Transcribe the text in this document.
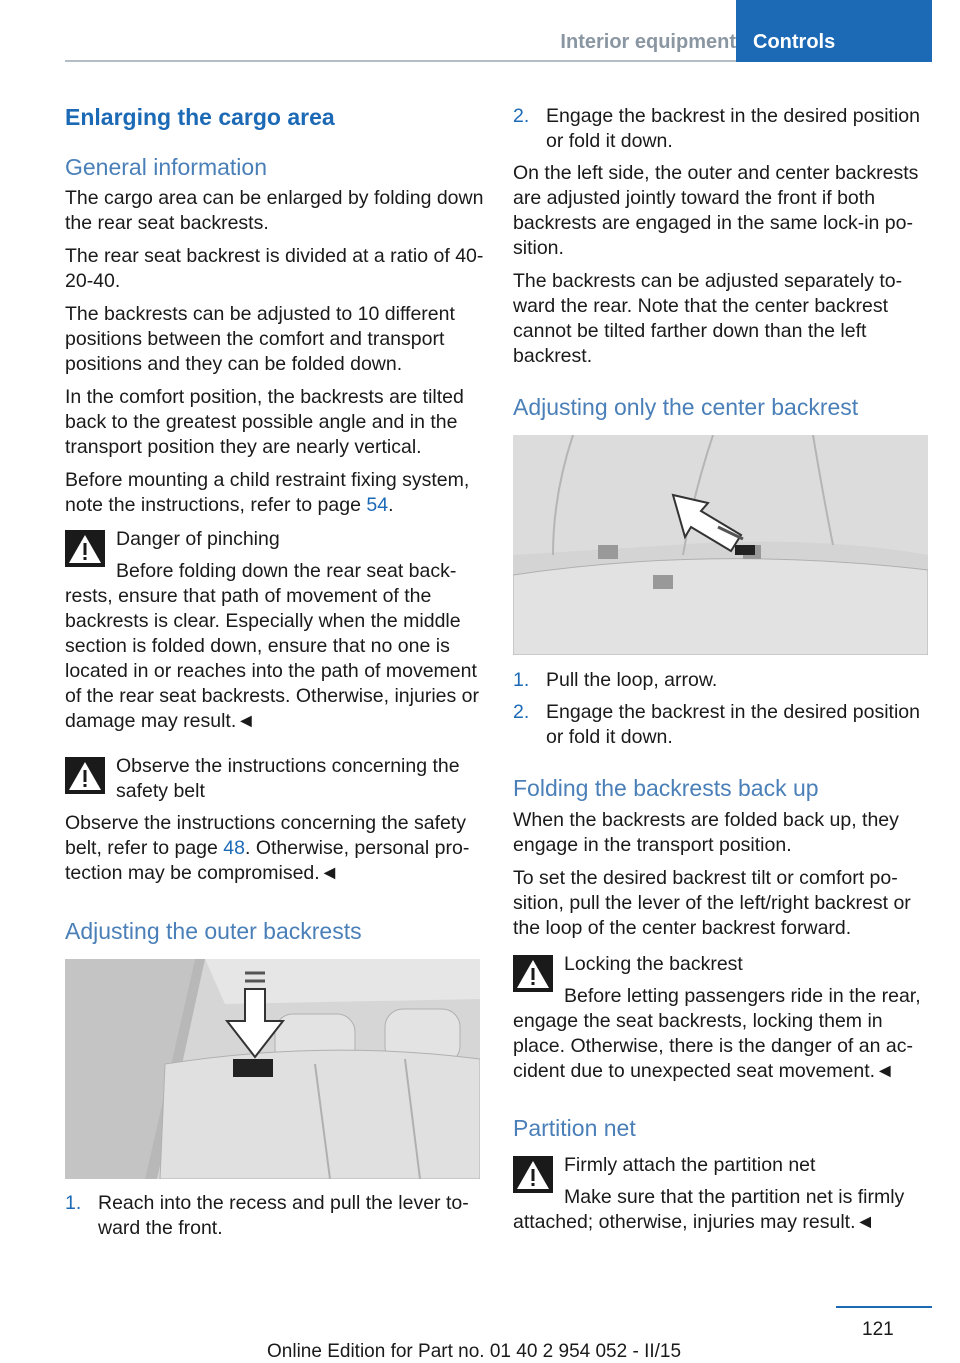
Interior equipment Controls
Enlarging the cargo area
General information

The cargo area can be enlarged by folding down the rear seat backrests.

The rear seat backrest is divided at a ratio of 40-20-40.

The backrests can be adjusted to 10 different positions between the comfort and transport positions and they can be folded down.

In the comfort position, the backrests are tilted back to the greatest possible angle and in the transport position they are nearly vertical.

Before mounting a child restraint fixing system, note the instructions, refer to page 54.

Danger of pinching
Before folding down the rear seat back-
rests, ensure that path of movement of the backrests is clear. Especially when the middle section is folded down, ensure that no one is located in or reaches into the path of movement of the rear seat backrests. Otherwise, injuries or damage may result.◄
Observe the instructions concerning the safety belt
Observe the instructions concerning the safety belt, refer to page 48. Otherwise, personal protection may be compromised.◄
Adjusting the outer backrests
1. Reach into the recess and pull the lever toward the front.
2. Engage the backrest in the desired position or fold it down.

On the left side, the outer and center backrests are adjusted jointly toward the front if both backrests are engaged in the same lock-in position.

The backrests can be adjusted separately toward the rear. Note that the center backrest cannot be tilted farther down than the left backrest.

Adjusting only the center backrest
1. Pull the loop, arrow.
2. Engage the backrest in the desired position or fold it down.
Folding the backrests back up

When the backrests are folded back up, they engage in the transport position.

To set the desired backrest tilt or comfort position, pull the lever of the left/right backrest or the loop of the center backrest forward.

Locking the backrest
Before letting passengers ride in the rear,
engage the seat backrests, locking them in place. Otherwise, there is the danger of an accident due to unexpected seat movement.◄
Partition net
Firmly attach the partition net
Make sure that the partition net is firmly
attached; otherwise, injuries may result.◄
121
Online Edition for Part no. 01 40 2 954 052 - II/15
